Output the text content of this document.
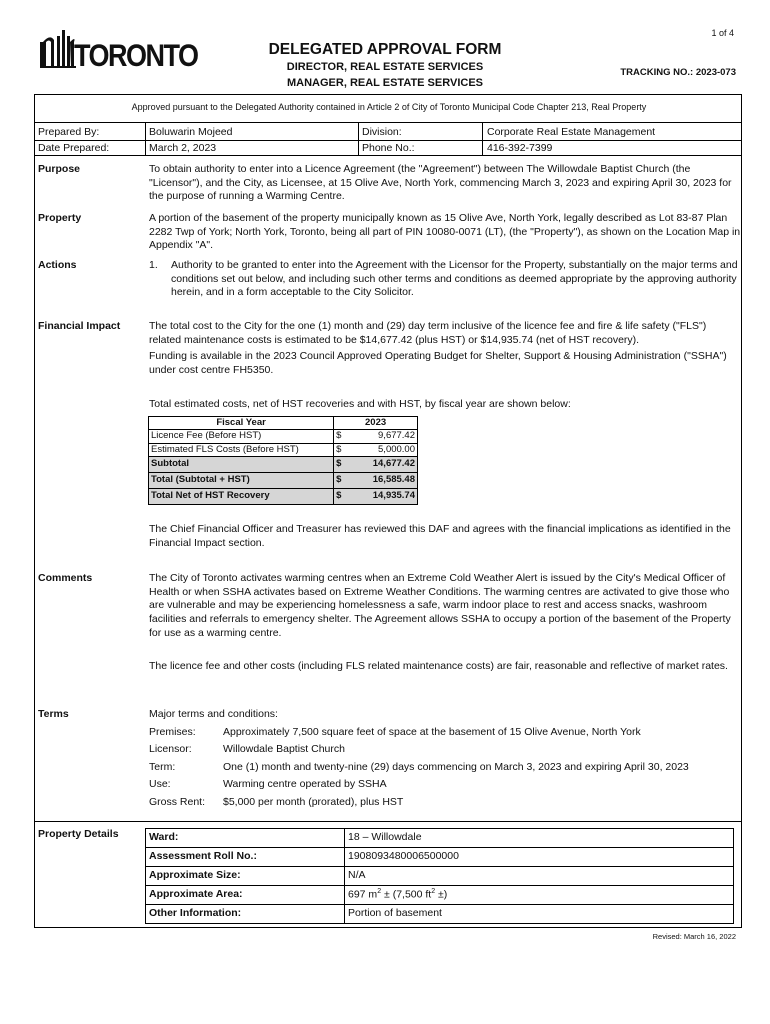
1 of 4
TORONTO	DELEGATED APPROVAL FORM
DIRECTOR, REAL ESTATE SERVICES
MANAGER, REAL ESTATE SERVICES
TRACKING NO.: 2023-073
Approved pursuant to the Delegated Authority contained in Article 2 of City of Toronto Municipal Code Chapter 213, Real Property
Prepared By:	Boluwarin Mojeed	Division:	Corporate Real Estate Management
Date Prepared:	March 2, 2023	Phone No.:	416-392-7399
Purpose	To obtain authority to enter into a Licence Agreement (the "Agreement") between The Willowdale Baptist Church (the "Licensor"), and the City, as Licensee, at 15 Olive Ave, North York, commencing March 3, 2023 and expiring April 30, 2023 for the purpose of running a Warming Centre.
Property	A portion of the basement of the property municipally known as 15 Olive Ave, North York, legally described as Lot 83-87 Plan 2282 Twp of York; North York, Toronto, being all part of PIN 10080-0071 (LT), (the "Property"), as shown on the Location Map in Appendix "A".
Actions	1.	Authority to be granted to enter into the Agreement with the Licensor for the Property, substantially on the major terms and conditions set out below, and including such other terms and conditions as deemed appropriate by the approving authority herein, and in a form acceptable to the City Solicitor.
Financial Impact	The total cost to the City for the one (1) month and (29) day term inclusive of the licence fee and fire & life safety ("FLS") related maintenance costs is estimated to be $14,677.42 (plus HST) or $14,935.74 (net of HST recovery).

Funding is available in the 2023 Council Approved Operating Budget for Shelter, Support & Housing Administration ("SSHA") under cost centre FH5350.

Total estimated costs, net of HST recoveries and with HST, by fiscal year are shown below:
Fiscal Year	2023	
Licence Fee (Before HST)	$	9,677.42
Estimated FLS Costs (Before HST)	$	5,000.00
Subtotal	$	14,677.42
Total (Subtotal + HST)	$	16,585.48
Total Net of HST Recovery	$	14,935.74
The Chief Financial Officer and Treasurer has reviewed this DAF and agrees with the financial implications as identified in the Financial Impact section.
Comments	The City of Toronto activates warming centres when an Extreme Cold Weather Alert is issued by the City's Medical Officer of Health or when SSHA activates based on Extreme Weather Conditions. The warming centres are activated to give those who are vulnerable and may be experiencing homelessness a safe, warm indoor place to rest and access snacks, washroom facilities and referrals to emergency shelter. The Agreement allows SSHA to occupy a portion of the basement of the Property for use as a warming centre.
The licence fee and other costs (including FLS related maintenance costs) are fair, reasonable and reflective of market rates.
Terms	Major terms and conditions:
Premises:	Approximately 7,500 square feet of space at the basement of 15 Olive Avenue, North York
Licensor:	Willowdale Baptist Church
Term:	One (1) month and twenty-nine (29) days commencing on March 3, 2023 and expiring April 30, 2023
Use:	Warming centre operated by SSHA
Gross Rent: $5,000 per month (prorated), plus HST
Property Details	Ward:	18 – Willowdale
Assessment Roll No.:	1908093480006500000
Approximate Size:	N/A
Approximate Area:	697 $m^2 \pm (7,500$ $ft^2$ ±)
Other Information:	Portion of basement
Revised: March 16, 2022
